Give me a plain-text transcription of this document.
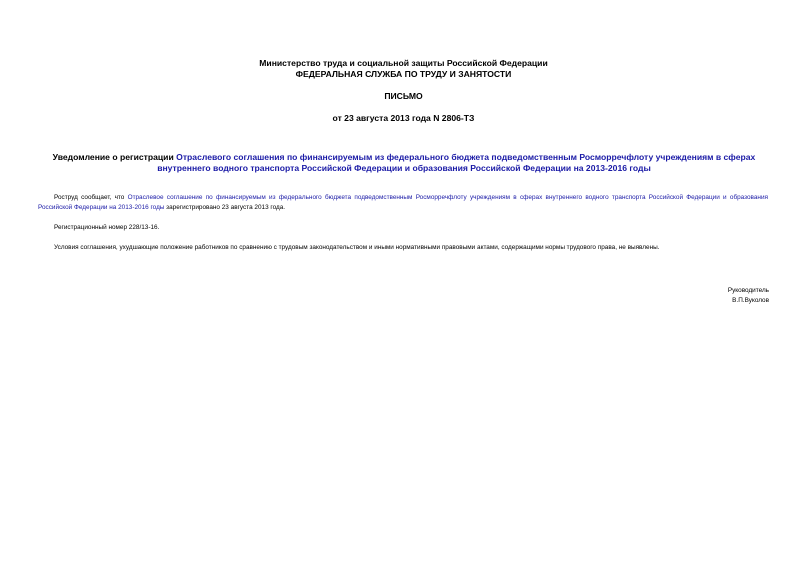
Министерство труда и социальной защиты Российской Федерации
ФЕДЕРАЛЬНАЯ СЛУЖБА ПО ТРУДУ И ЗАНЯТОСТИ
ПИСЬМО
от 23 августа 2013 года N 2806-ТЗ
Уведомление о регистрации Отраслевого соглашения по финансируемым из федерального бюджета подведомственным Росморречфлоту учреждениям в сферах внутреннего водного транспорта Российской Федерации и образования Российской Федерации на 2013-2016 годы
Роструд сообщает, что Отраслевое соглашение по финансируемым из федерального бюджета подведомственным Росморречфлоту учреждениям в сферах внутреннего водного транспорта Российской Федерации и образования Российской Федерации на 2013-2016 годы зарегистрировано 23 августа 2013 года.
Регистрационный номер 228/13-16.
Условия соглашения, ухудшающие положение работников по сравнению с трудовым законодательством и иными нормативными правовыми актами, содержащими нормы трудового права, не выявлены.
Руководитель
В.П.Вуколов
